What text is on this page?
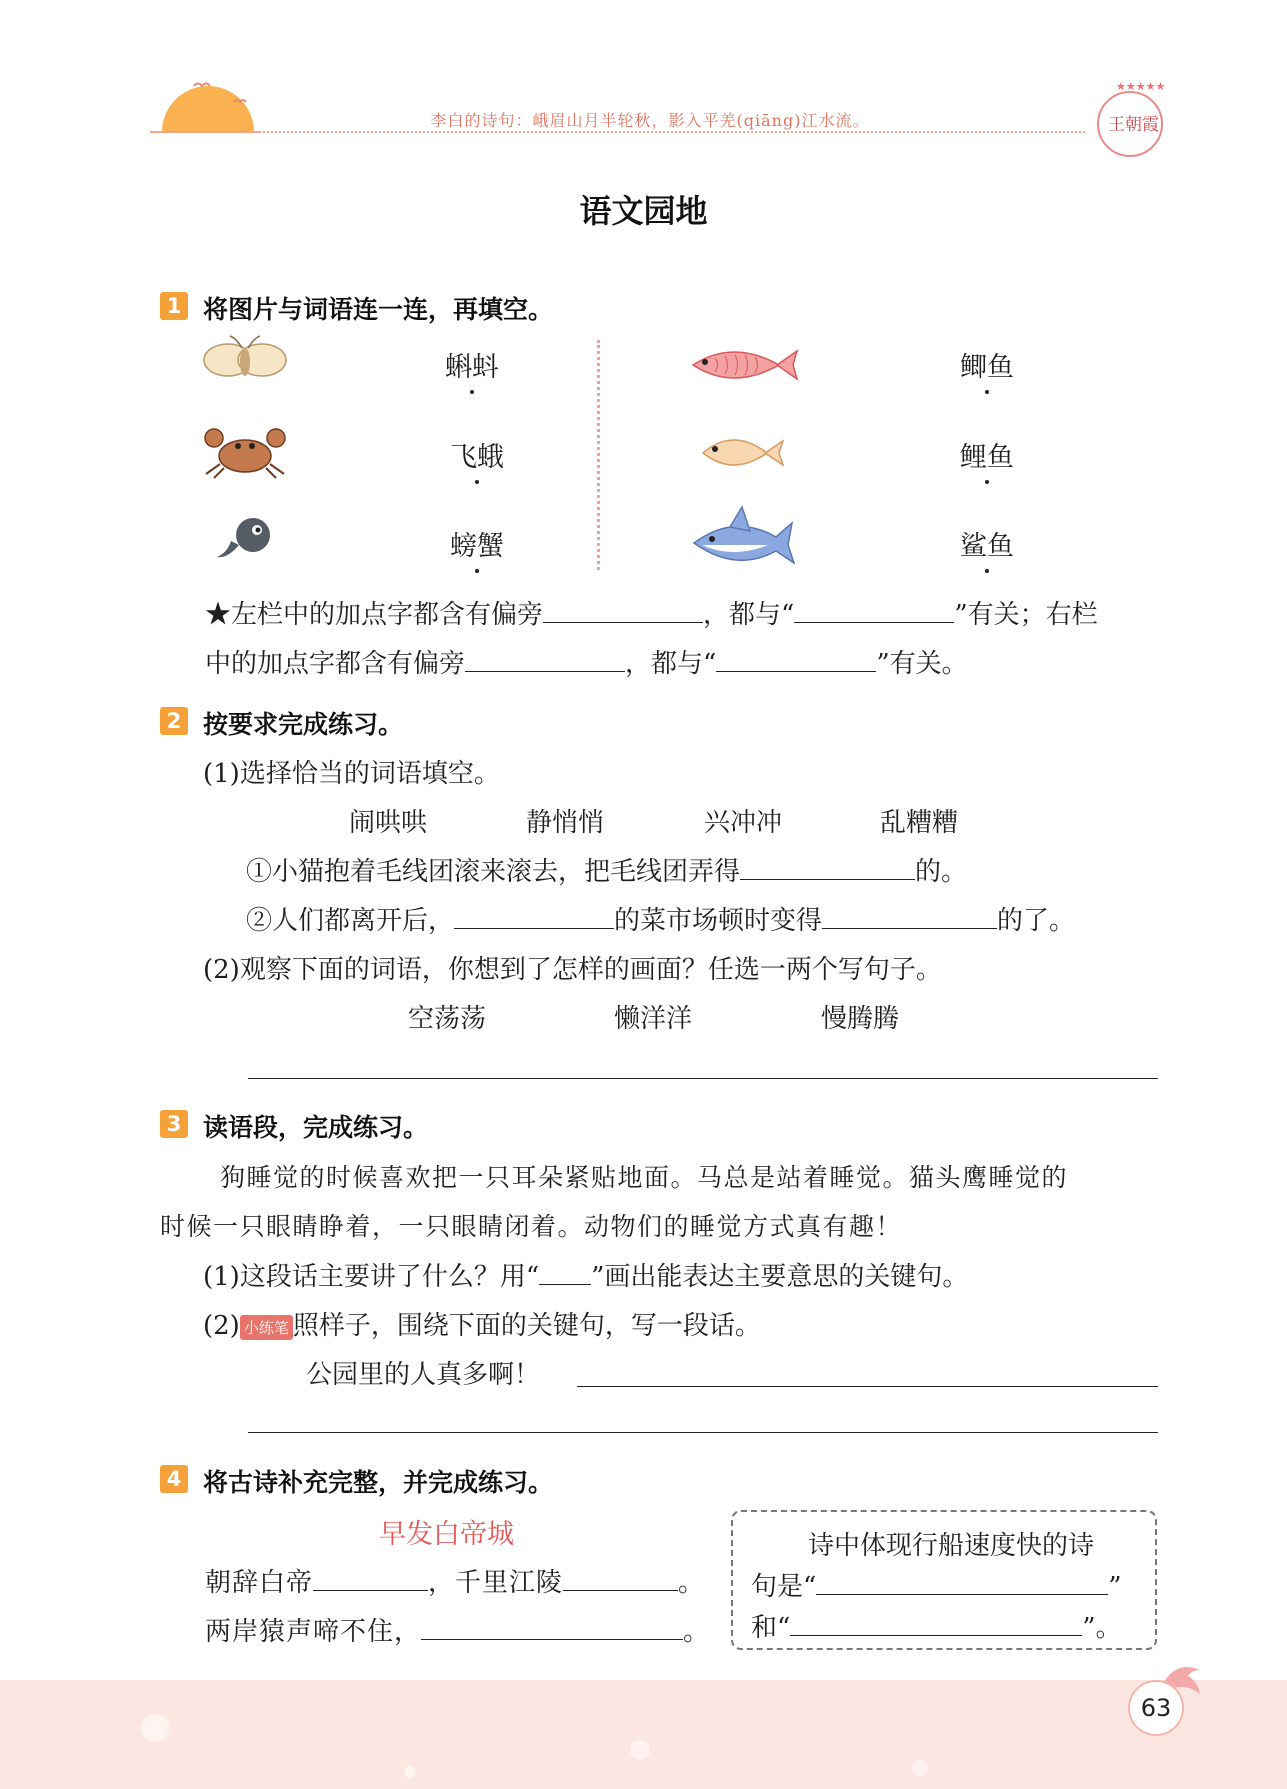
李白的诗句：峨眉山月半轮秋，影入平羌(qiāng)江水流。
★★★★★
王朝霞
语文园地
1 将图片与词语连一连，再填空。
蝌蚪
飞蛾
螃蟹
鲫鱼
鲤鱼
鲨鱼
★左栏中的加点字都含有偏旁	，都与“	”有关；右栏
中的加点字都含有偏旁	，都与“	”有关。
2 按要求完成练习。
(1)选择恰当的词语填空。
闹哄哄	静悄悄	兴冲冲	乱糟糟
①小猫抱着毛线团滚来滚去，把毛线团弄得	的。
②人们都离开后，	的菜市场顿时变得	的了。
(2)观察下面的词语，你想到了怎样的画面？任选一两个写句子。
空荡荡	懒洋洋	慢腾腾
3 读语段，完成练习。
狗睡觉的时候喜欢把一只耳朵紧贴地面。马总是站着睡觉。猫头鹰睡觉的
时候一只眼睛睁着，一只眼睛闭着。动物们的睡觉方式真有趣！
(1)这段话主要讲了什么？用“ ”画出能表达主要意思的关键句。
(2) 小练笔 照样子，围绕下面的关键句，写一段话。
公园里的人真多啊！
4 将古诗补充完整，并完成练习。
早发白帝城
朝辞白帝	，千里江陵	。
两岸猿声啼不住，	。
诗中体现行船速度快的诗
句是“	”
和“	”。
63
